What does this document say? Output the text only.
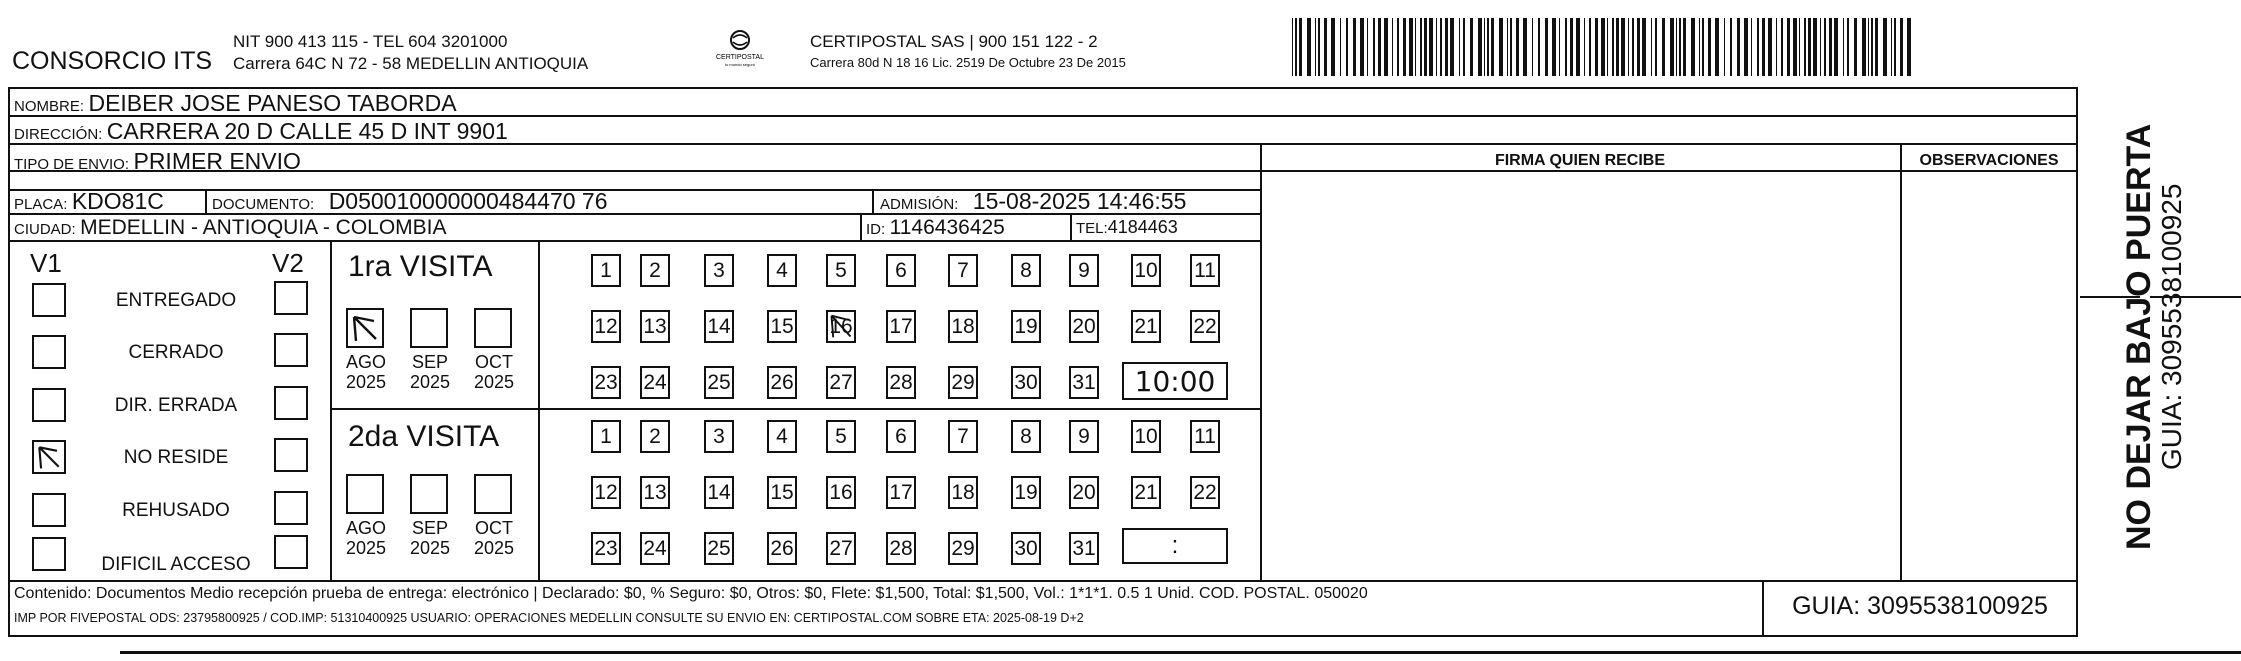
CONSORCIO ITS
NIT 900 413 115 - TEL 604 3201000
Carrera 64C N 72 - 58 MEDELLIN ANTIOQUIA	CERTIPOSTAL
tu mundo seguro
CERTIPOSTAL SAS | 900 151 122 - 2
Carrera 80d N 18 16 Lic. 2519 De Octubre 23 De 2015
NOMBRE: DEIBER JOSE PANESO TABORDA
DIRECCIÓN: CARRERA 20 D CALLE 45 D INT 9901
TIPO DE ENVIO: PRIMER ENVIO
PLACA: KDO81C	DOCUMENTO: D050010000000484470 76	ADMISIÓN: 15-08-2025 14:46:55
CIUDAD: MEDELLIN - ANTIOQUIA - COLOMBIA	ID: 1146436425	TEL:4184463
FIRMA QUIEN RECIBE	OBSERVACIONES
V1	V2
ENTREGADO
CERRADO
DIR. ERRADA
NO RESIDE
REHUSADO
DIFICIL ACCESO
1ra VISITA
2da VISITA
AGO
2025
SEP
2025
OCT
2025
AGO
2025
SEP
2025
OCT
2025
1	2	3	4	5	6	7	8	9	10 11
12 13 14 15 16 17 18 19 20 21 22
23 24 25 26 27 28 29 30 31
1	2	3	4	5	6	7	8	9	10 11
12 13 14 15 16 17 18 19 20 21 22
23 24 25 26 27 28 29 30 31
10:00
:
Contenido: Documentos Medio recepción prueba de entrega: electrónico | Declarado: $0, % Seguro: $0, Otros: $0, Flete: $1,500, Total: $1,500, Vol.: 1*1*1. 0.5 1 Unid. COD. POSTAL. 050020
IMP POR FIVEPOSTAL ODS: 23795800925 / COD.IMP: 51310400925 USUARIO: OPERACIONES MEDELLIN CONSULTE SU ENVIO EN: CERTIPOSTAL.COM SOBRE ETA: 2025-08-19 D+2	GUIA: 3095538100925
NO DEJAR BAJO PUERTA
GUIA: 3095538100925
